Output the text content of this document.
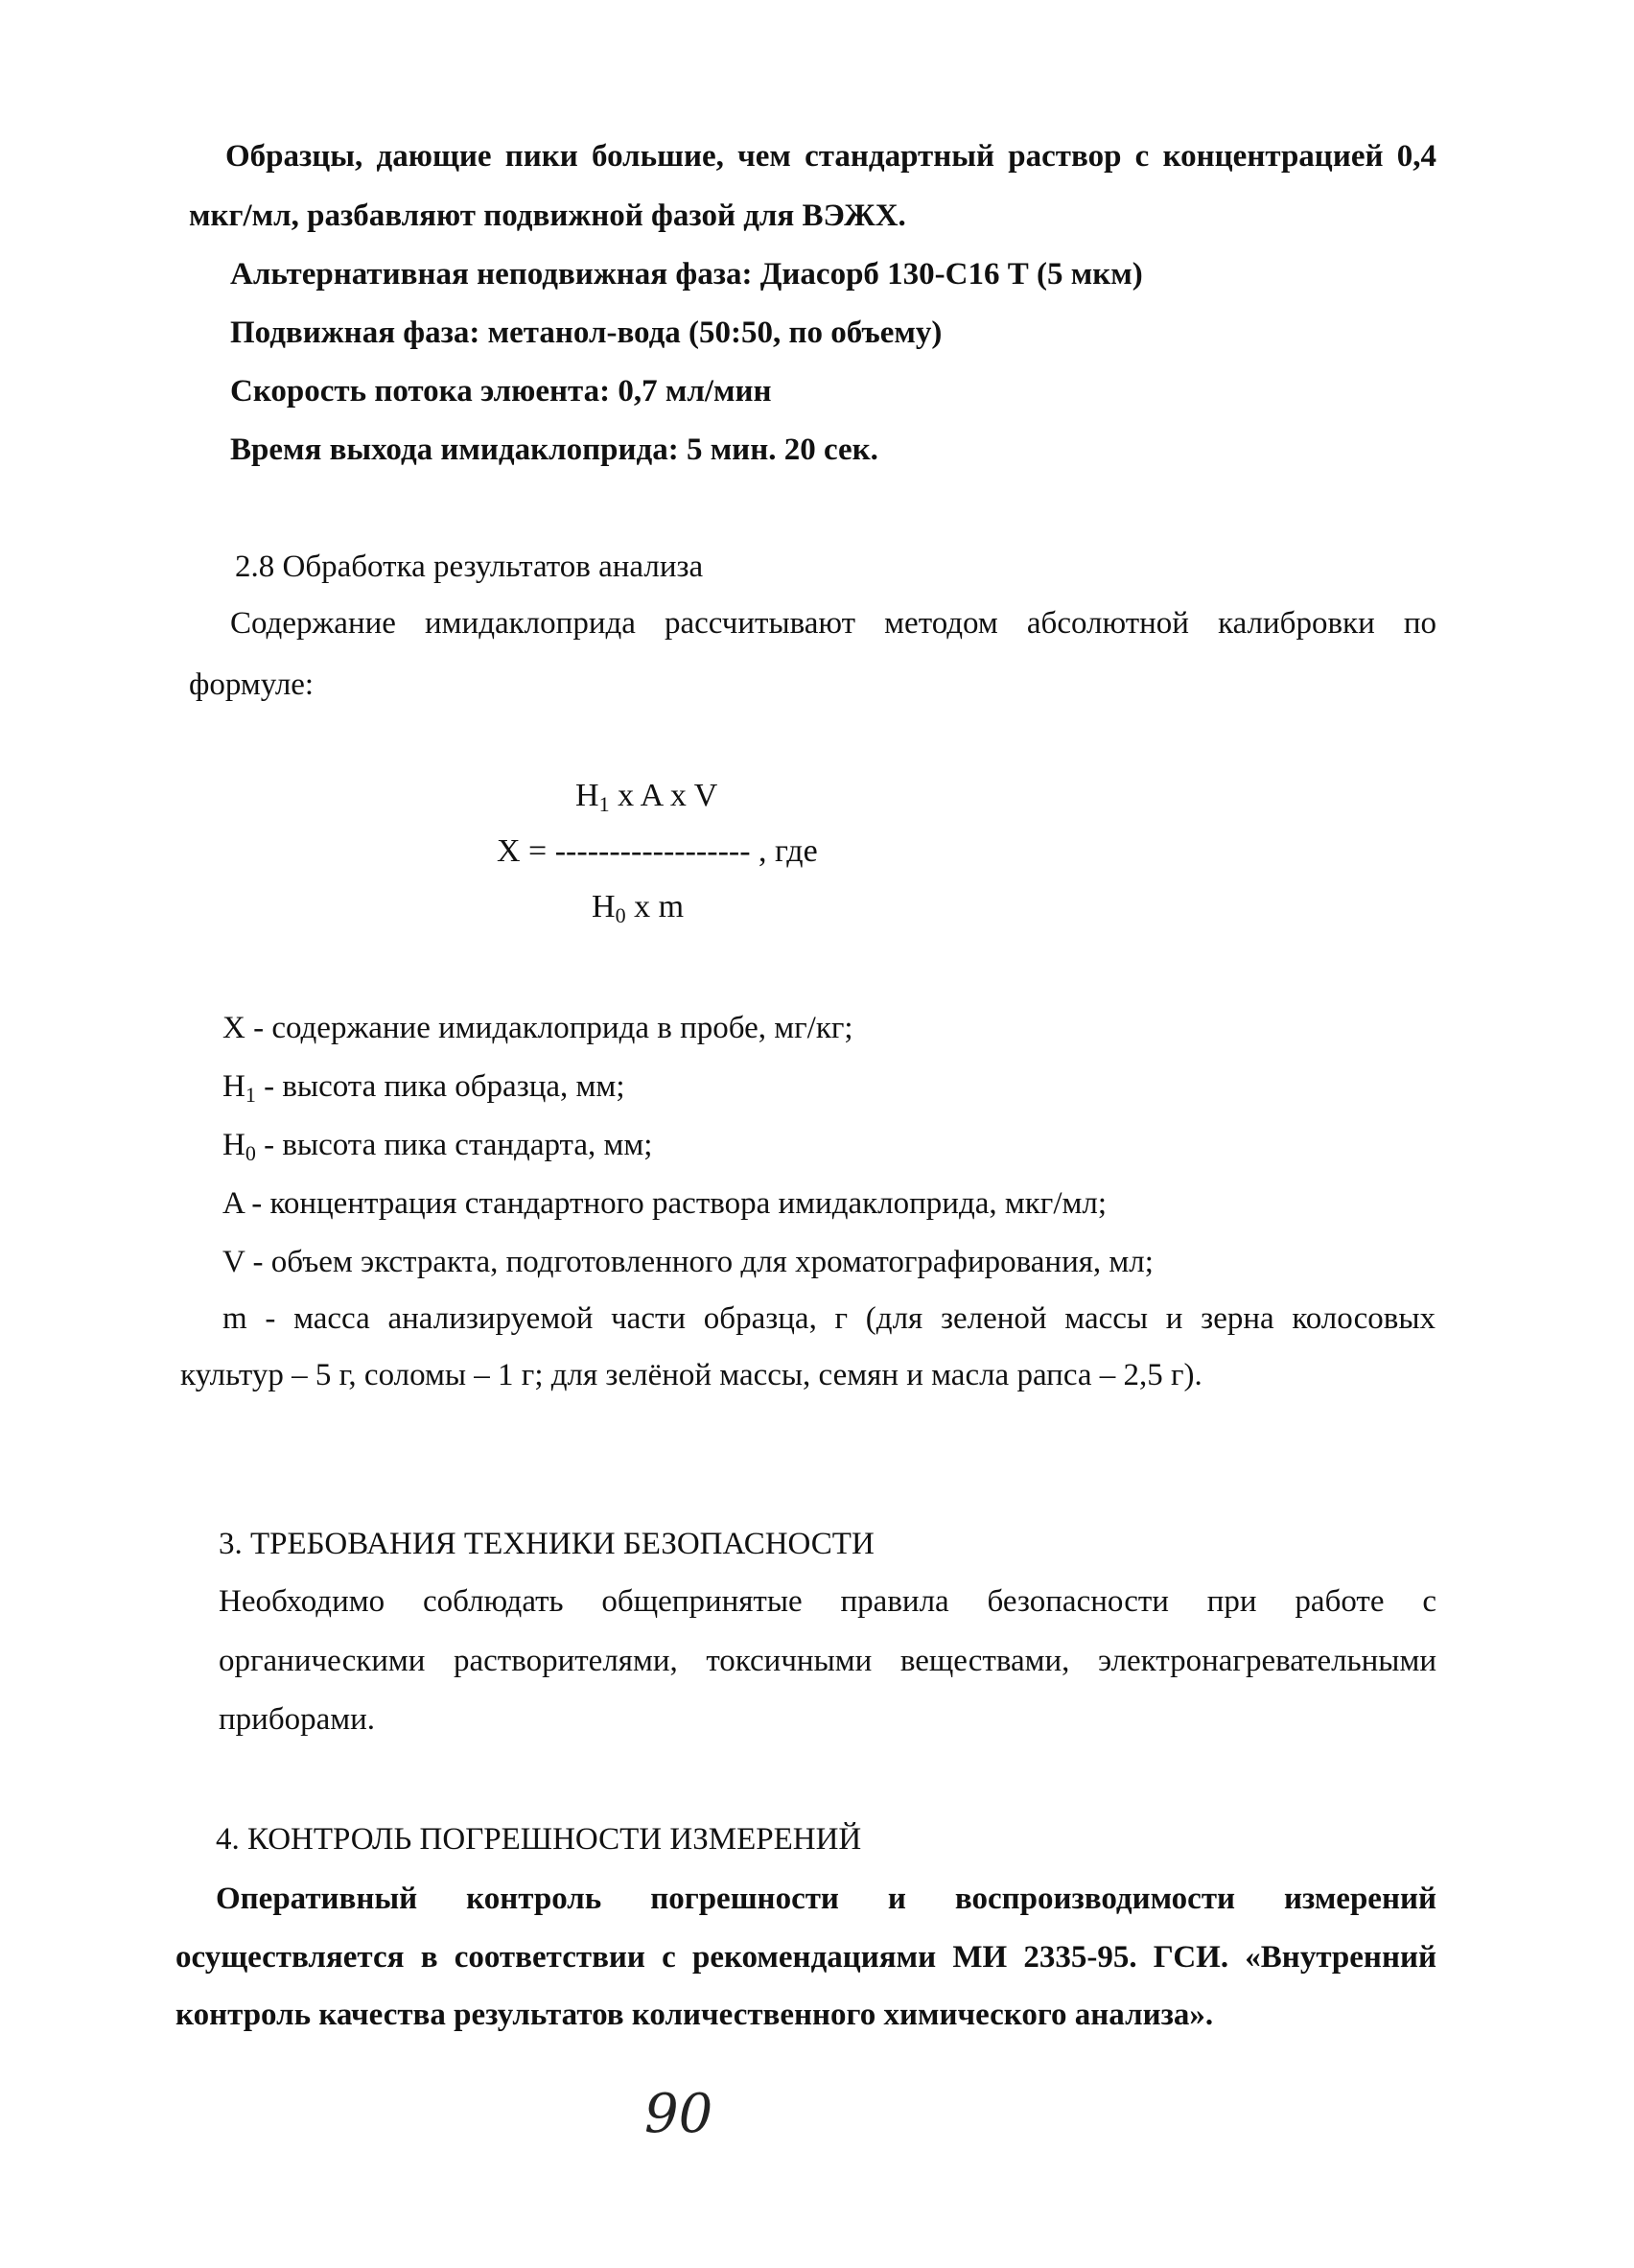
Образцы, дающие пики большие, чем стандартный раствор с концентрацией 0,4
мкг/мл, разбавляют подвижной фазой для ВЭЖХ.
Альтернативная неподвижная фаза: Диасорб 130-С16 Т (5 мкм)
Подвижная фаза: метанол-вода (50:50, по объему)
Скорость потока элюента: 0,7 мл/мин
Время выхода имидаклоприда: 5 мин. 20 сек.
2.8 Обработка результатов анализа
Содержание имидаклоприда рассчитывают методом абсолютной калибровки по
формуле:
$H_1$ x A x V
X = ------------------ , где
$H_0$ x m
X - содержание имидаклоприда в пробе, мг/кг;
$H_1$ - высота пика образца, мм;
$H_0$ - высота пика стандарта, мм;
A - концентрация стандартного раствора имидаклоприда, мкг/мл;
V - объем экстракта, подготовленного для хроматографирования, мл;
m - масса анализируемой части образца, г (для зеленой массы и зерна колосовых
культур – 5 г, соломы – 1 г; для зелёной массы, семян и масла рапса – 2,5 г).
3. ТРЕБОВАНИЯ ТЕХНИКИ БЕЗОПАСНОСТИ
Необходимо соблюдать общепринятые правила безопасности при работе с
органическими растворителями, токсичными веществами, электронагревательными
приборами.
4. КОНТРОЛЬ ПОГРЕШНОСТИ ИЗМЕРЕНИЙ
Оперативный контроль погрешности и воспроизводимости измерений
осуществляется в соответствии с рекомендациями МИ 2335-95. ГСИ. «Внутренний
контроль качества результатов количественного химического анализа».
90
